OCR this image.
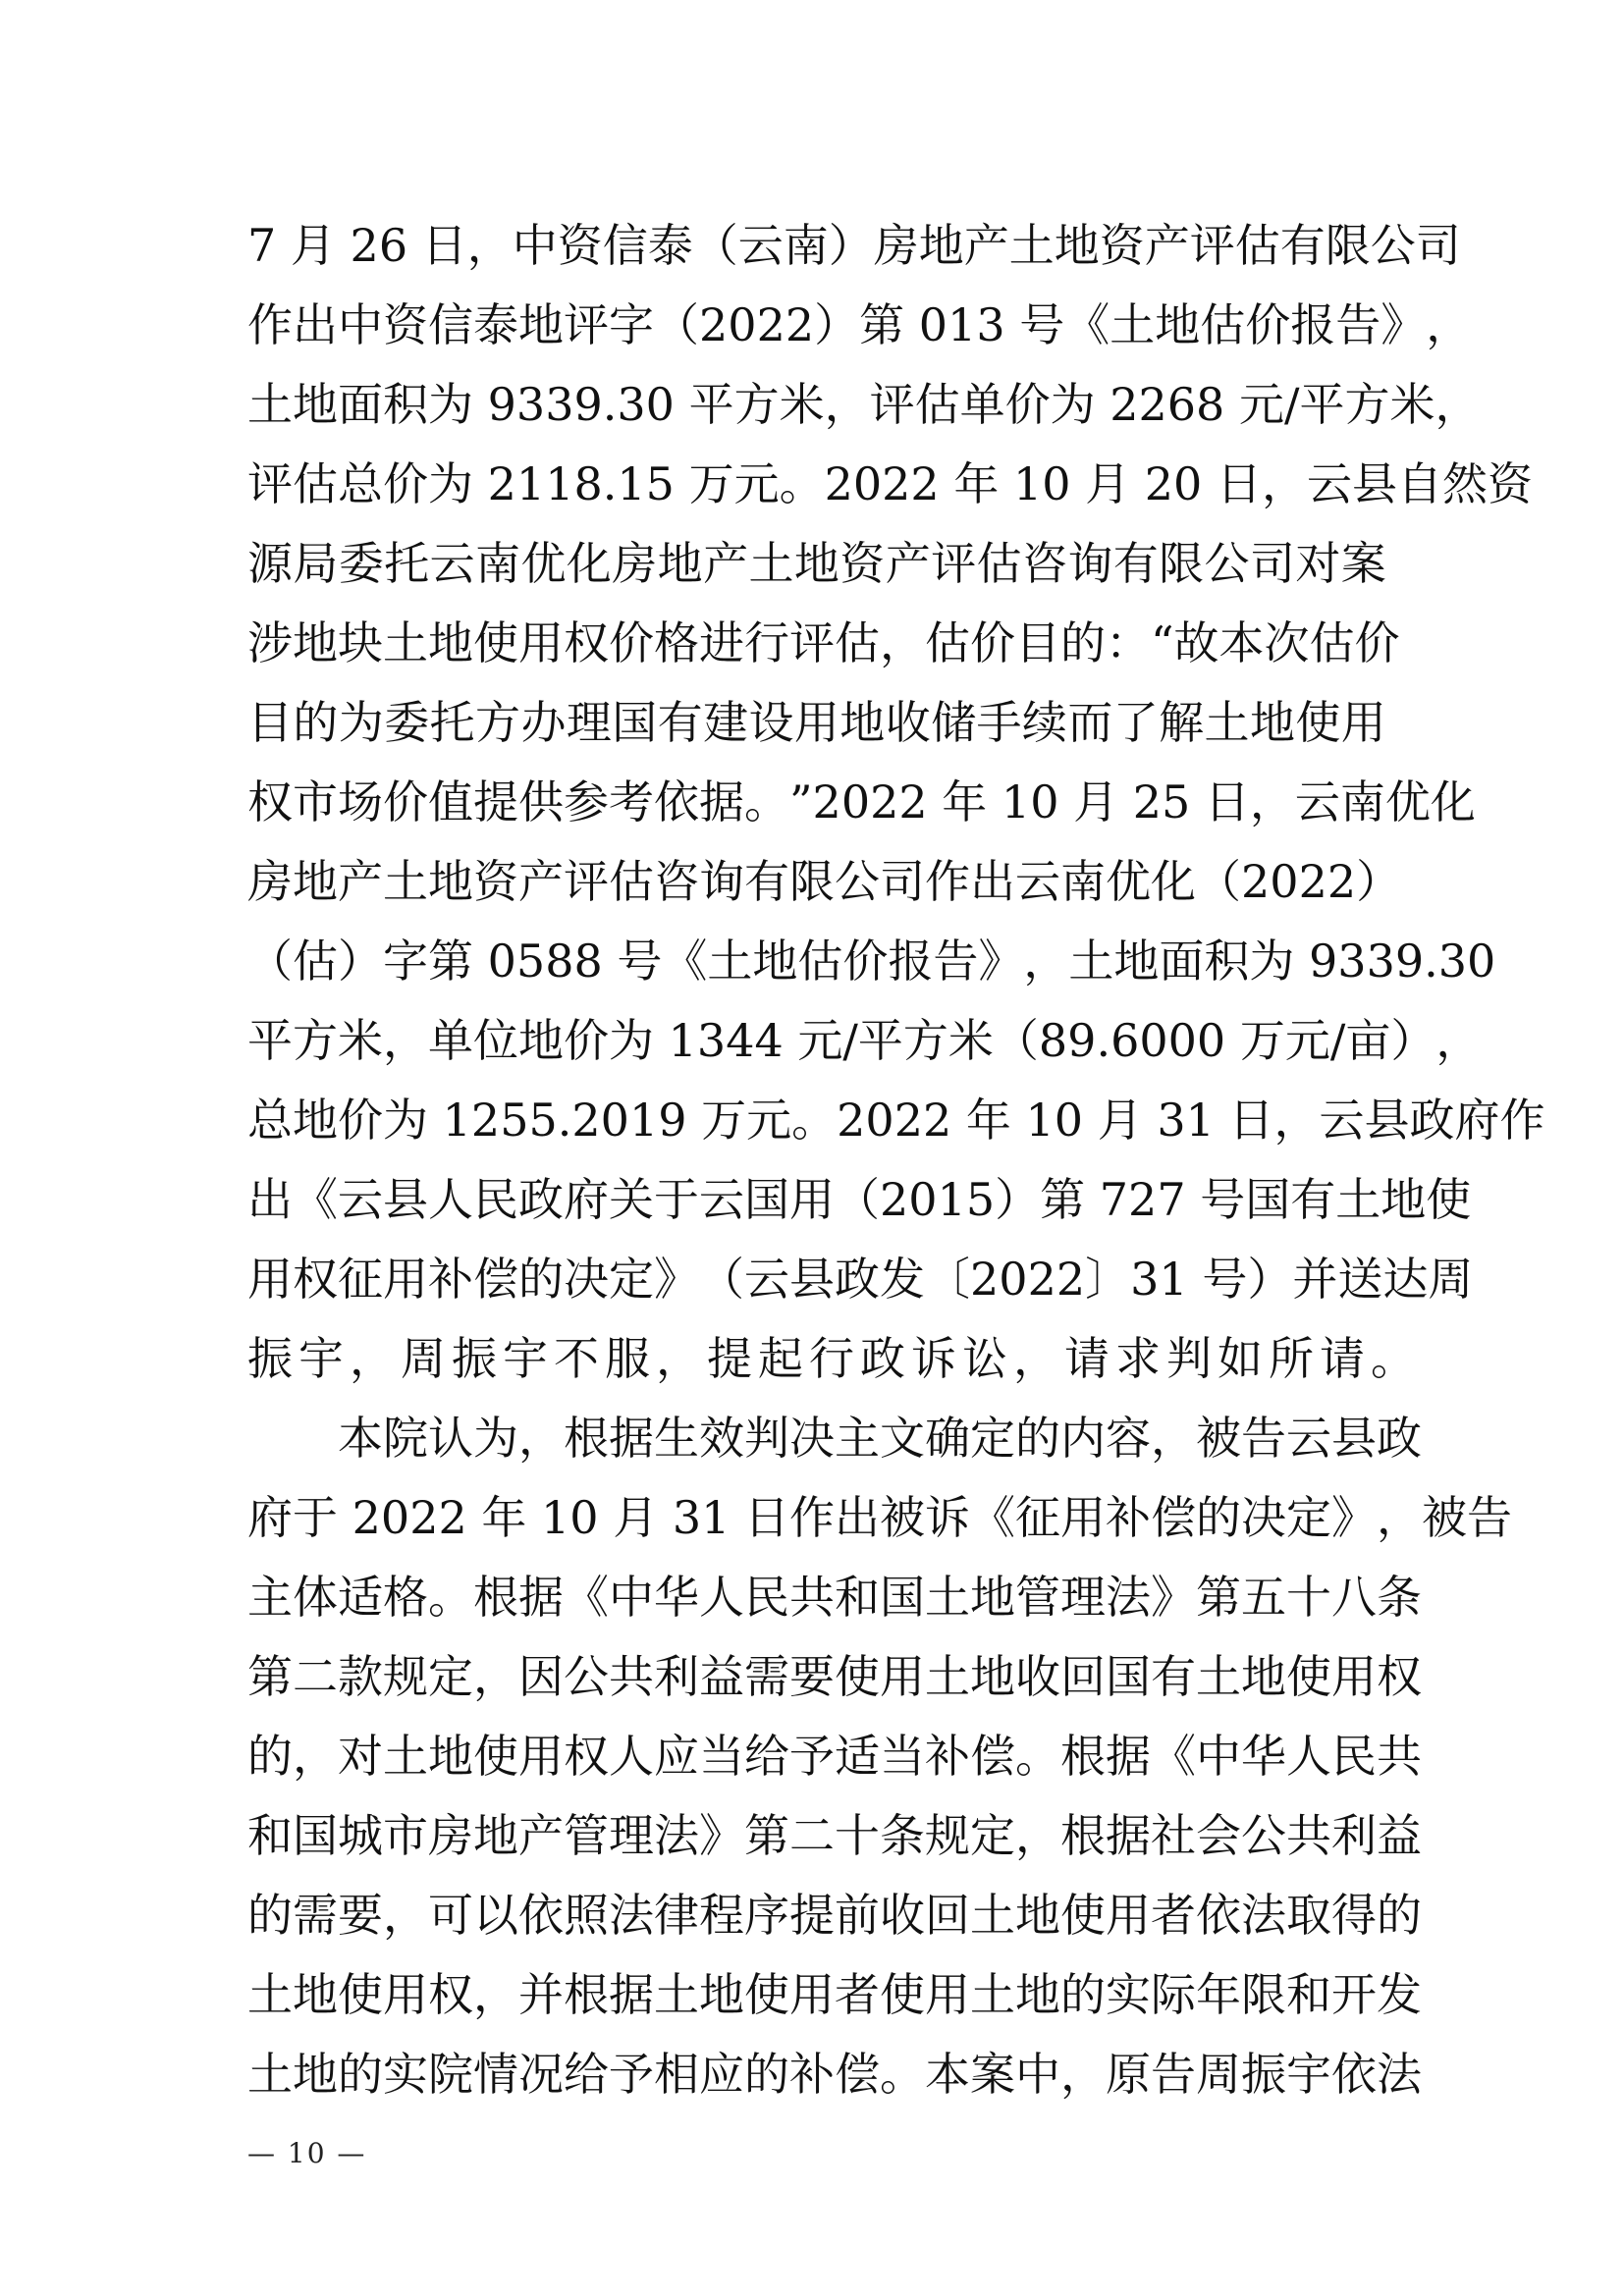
7
月
2 6
日 ， 中 资 信 泰 （ 云 南 ） 房 地 产 土 地 资 产 评 估 有 限 公 司
作 出 中 资 信 泰 地 评 字 （ 2 0 2 2 ） 第
0 1 3
号 《 土 地 估 价 报 告 》 ，
土 地 面 积 为
9 3 3 9 . 3 0
平 方 米 ， 评 估 单 价 为
2 2 6 8
元 / 平 方 米 ，
评 估 总 价 为
2 1 1 8 . 1 5
万 元 。 2 0 2 2
年
1 0
月
2 0
日 ， 云 县 自 然 资
源 局 委 托 云 南 优 化 房 地 产 土 地 资 产 评 估 咨 询 有 限 公 司 对 案
涉 地 块 土 地 使 用 权 价 格 进 行 评 估 ， 估 价 目 的 ： “ 故 本 次 估 价
目 的 为 委 托 方 办 理 国 有 建 设 用 地 收 储 手 续 而 了 解 土 地 使 用
权 市 场 价 值 提 供 参 考 依 据 。 ” 2 0 2 2
年
1 0
月
2 5
日 ， 云 南 优 化
房 地 产 土 地 资 产 评 估 咨 询 有 限 公 司 作 出 云 南 优 化 （ 2 0 2 2 ）
（ 估 ） 字 第
0 5 8 8
号 《 土 地 估 价 报 告 》 ， 土 地 面 积 为
9 3 3 9 . 3 0
平 方 米 ， 单 位 地 价 为
1 3 4 4
元 / 平 方 米 （ 8 9 . 6 0 0 0
万 元 / 亩 ） ，
总 地 价 为
1 2 5 5 . 2 0 1 9
万 元 。 2 0 2 2
年
1 0
月
3 1
日 ， 云 县 政 府 作
出 《 云 县 人 民 政 府 关 于 云 国 用 （ 2 0 1 5 ） 第
7 2 7
号 国 有 土 地 使
用 权 征 用 补 偿 的 决 定 》 （ 云 县 政 发 〔 2 0 2 2 〕 3 1
号 ） 并 送 达 周
振 宇 ， 周 振 宇 不 服 ， 提 起 行 政 诉 讼 ， 请 求 判 如 所 请 。
本 院 认 为 ， 根 据 生 效 判 决 主 文 确 定 的 内 容 ， 被 告 云 县 政
府 于
2 0 2 2
年
1 0
月
3 1
日 作 出 被 诉 《 征 用 补 偿 的 决 定 》 ， 被 告
主 体 适 格 。 根 据 《 中 华 人 民 共 和 国 土 地 管 理 法 》 第 五 十 八 条
第 二 款 规 定 ， 因 公 共 利 益 需 要 使 用 土 地 收 回 国 有 土 地 使 用 权
的 ， 对 土 地 使 用 权 人 应 当 给 予 适 当 补 偿 。 根 据 《 中 华 人 民 共
和 国 城 市 房 地 产 管 理 法 》 第 二 十 条 规 定 ， 根 据 社 会 公 共 利 益
的 需 要 ， 可 以 依 照 法 律 程 序 提 前 收 回 土 地 使 用 者 依 法 取 得 的
土 地 使 用 权 ， 并 根 据 土 地 使 用 者 使 用 土 地 的 实 际 年 限 和 开 发
土 地 的 实 院 情 况 给 予 相 应 的 补 偿 。 本 案 中 ， 原 告 周 振 宇 依 法
— 10 —
